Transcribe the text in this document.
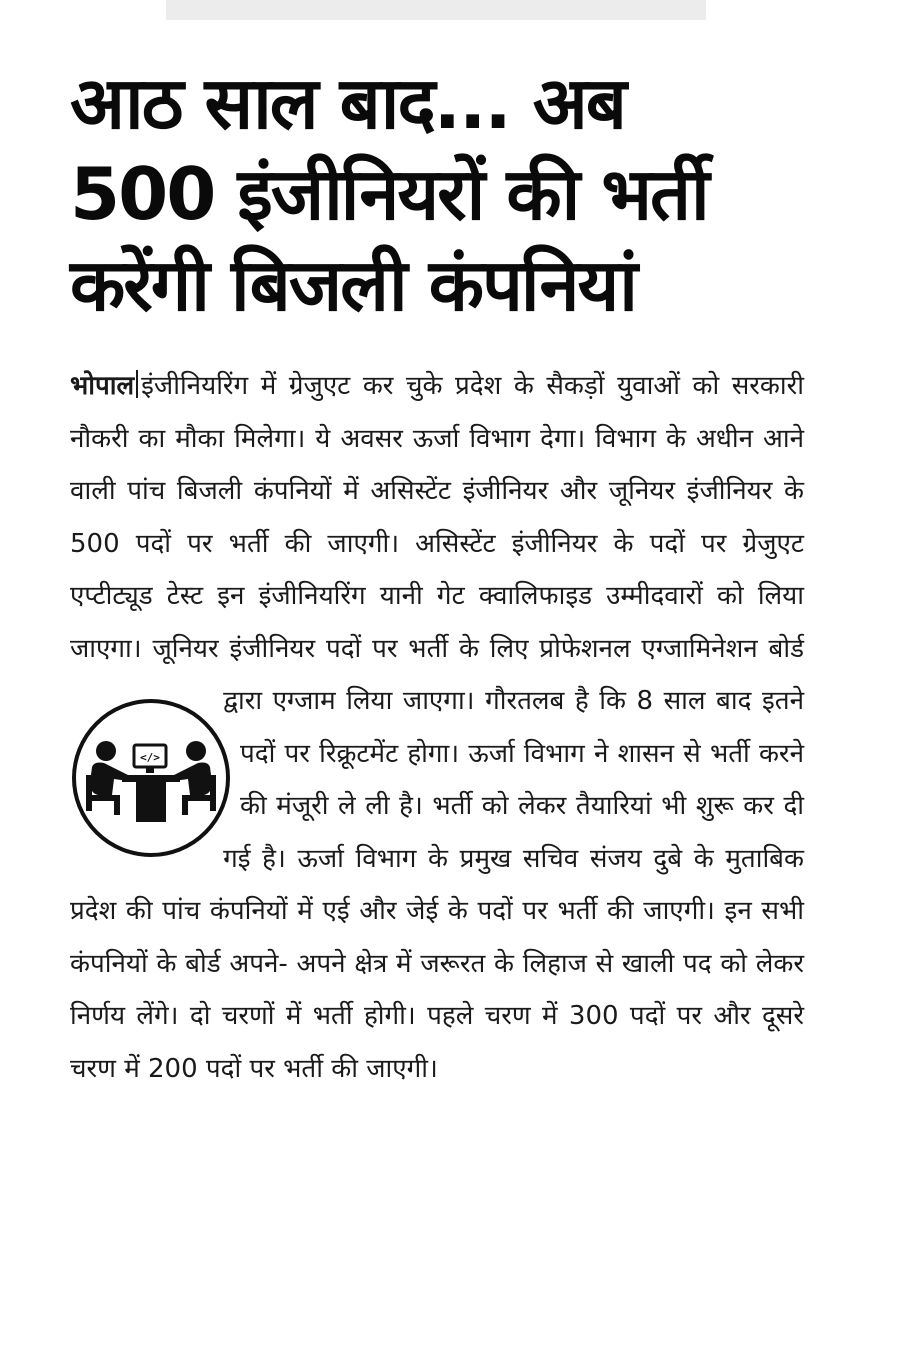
आठ साल बाद... अब
500 इंजीनियरों की भर्ती
करेंगी बिजली कंपनियां
</>

भोपाल इंजीनियरिंग में ग्रेजुएट कर चुके प्रदेश के सैकड़ों युवाओं को सरकारी नौकरी का मौका मिलेगा। ये अवसर ऊर्जा विभाग देगा। विभाग के अधीन आने वाली पांच बिजली कंपनियों में असिस्टेंट इंजीनियर और जूनियर इंजीनियर के 500 पदों पर भर्ती की जाएगी। असिस्टेंट इंजीनियर के पदों पर ग्रेजुएट एप्टीट्यूड टेस्ट इन इंजीनियरिंग यानी गेट क्वालिफाइड उम्मीदवारों को लिया जाएगा। जूनियर इंजीनियर पदों पर भर्ती के लिए प्रोफेशनल एग्जामिनेशन बोर्ड द्वारा एग्जाम लिया जाएगा। गौरतलब है कि 8 साल बाद इतने पदों पर रिक्रूटमेंट होगा। ऊर्जा विभाग ने शासन से भर्ती करने की मंजूरी ले ली है। भर्ती को लेकर तैयारियां भी शुरू कर दी गई है। ऊर्जा विभाग के प्रमुख सचिव संजय दुबे के मुताबिक प्रदेश की पांच कंपनियों में एई और जेई के पदों पर भर्ती की जाएगी। इन सभी कंपनियों के बोर्ड अपने- अपने क्षेत्र में जरूरत के लिहाज से खाली पद को लेकर निर्णय लेंगे। दो चरणों में भर्ती होगी। पहले चरण में 300 पदों पर और दूसरे चरण में 200 पदों पर भर्ती की जाएगी।
